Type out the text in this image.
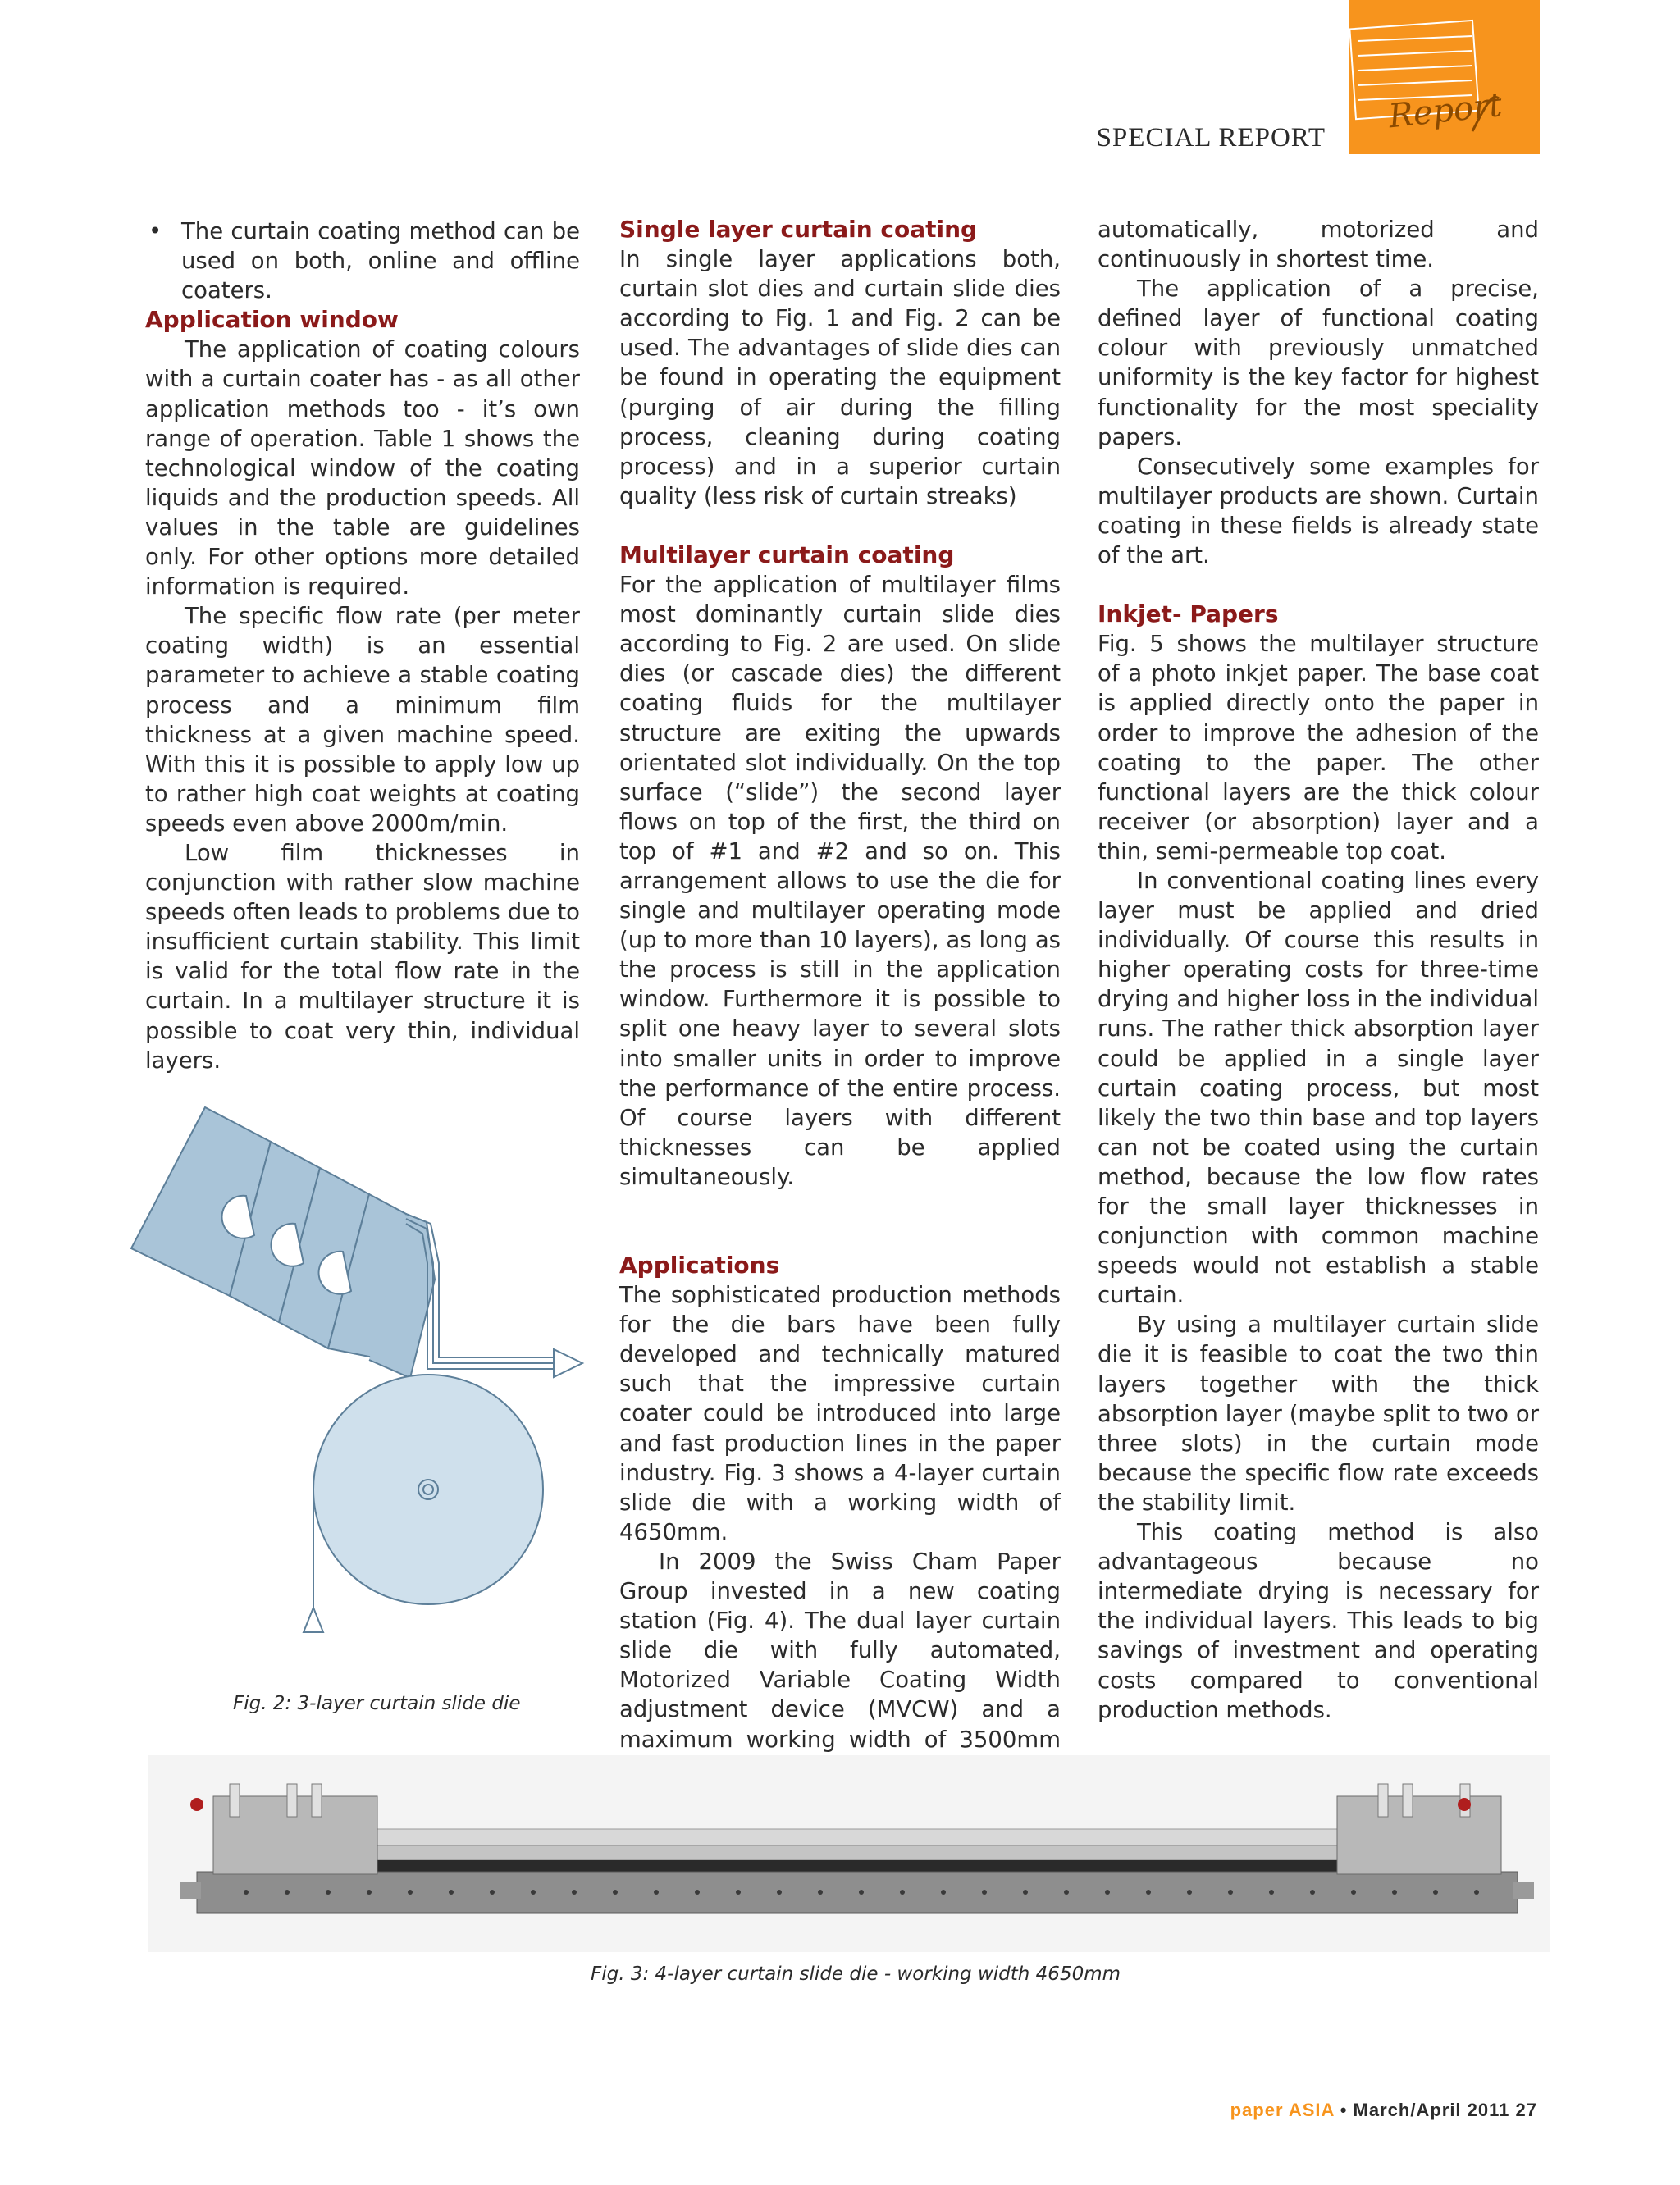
Report
SPECIAL REPORT
• The curtain coating method can be used on both, online and offline coaters.
Application window

The application of coating colours with a curtain coater has - as all other application methods too - it’s own range of operation. Table 1 shows the technological window of the coating liquids and the production speeds. All values in the table are guidelines only. For other options more detailed information is required.

The specific flow rate (per meter coating width) is an essential parameter to achieve a stable coating process and a minimum film thickness at a given machine speed. With this it is possible to apply low up to rather high coat weights at coating speeds even above 2000m/min.

Low film thicknesses in conjunction with rather slow machine speeds often leads to problems due to insufficient curtain stability. This limit is valid for the total flow rate in the curtain. In a multilayer structure it is possible to coat very thin, individual layers.

Fig. 2: 3-layer curtain slide die
Single layer curtain coating

In single layer applications both, curtain slot dies and curtain slide dies according to Fig. 1 and Fig. 2 can be used. The advantages of slide dies can be found in operating the equipment (purging of air during the filling process, cleaning during coating process) and in a superior curtain quality (less risk of curtain streaks)

Multilayer curtain coating

For the application of multilayer films most dominantly curtain slide dies according to Fig. 2 are used. On slide dies (or cascade dies) the different coating fluids for the multilayer structure are exiting the upwards orientated slot individually. On the top surface (“slide”) the second layer flows on top of the first, the third on top of #1 and #2 and so on. This arrangement allows to use the die for single and multilayer operating mode (up to more than 10 layers), as long as the process is still in the application window. Furthermore it is possible to split one heavy layer to several slots into smaller units in order to improve the performance of the entire process. Of course layers with different thicknesses can be applied simultaneously.

Applications

The sophisticated production methods for the die bars have been fully developed and technically matured such that the impressive curtain coater could be introduced into large and fast production lines in the paper industry. Fig. 3 shows a 4-layer curtain slide die with a working width of 4650mm.

In 2009 the Swiss Cham Paper Group invested in a new coating station (Fig. 4). The dual layer curtain slide die with fully automated, Motorized Variable Coating Width adjustment device (MVCW) and a maximum working width of 3500mm

automatically, motorized and continuously in shortest time.

The application of a precise, defined layer of functional coating colour with previously unmatched uniformity is the key factor for highest functionality for the most speciality papers.

Consecutively some examples for multilayer products are shown. Curtain coating in these fields is already state of the art.

Inkjet- Papers

Fig. 5 shows the multilayer structure of a photo inkjet paper. The base coat is applied directly onto the paper in order to improve the adhesion of the coating to the paper. The other functional layers are the thick colour receiver (or absorption) layer and a thin, semi-permeable top coat.

In conventional coating lines every layer must be applied and dried individually. Of course this results in higher operating costs for three-time drying and higher loss in the individual runs. The rather thick absorption layer could be applied in a single layer curtain coating process, but most likely the two thin base and top layers can not be coated using the curtain method, because the low flow rates for the small layer thicknesses in conjunction with common machine speeds would not establish a stable curtain.

By using a multilayer curtain slide die it is feasible to coat the two thin layers together with the thick absorption layer (maybe split to two or three slots) in the curtain mode because the specific flow rate exceeds the stability limit.

This coating method is also advantageous because no intermediate drying is necessary for the individual layers. This leads to big savings of investment and operating costs compared to conventional production methods.

Fig. 3: 4-layer curtain slide die - working width 4650mm
paper ASIA • March/April 2011 27
